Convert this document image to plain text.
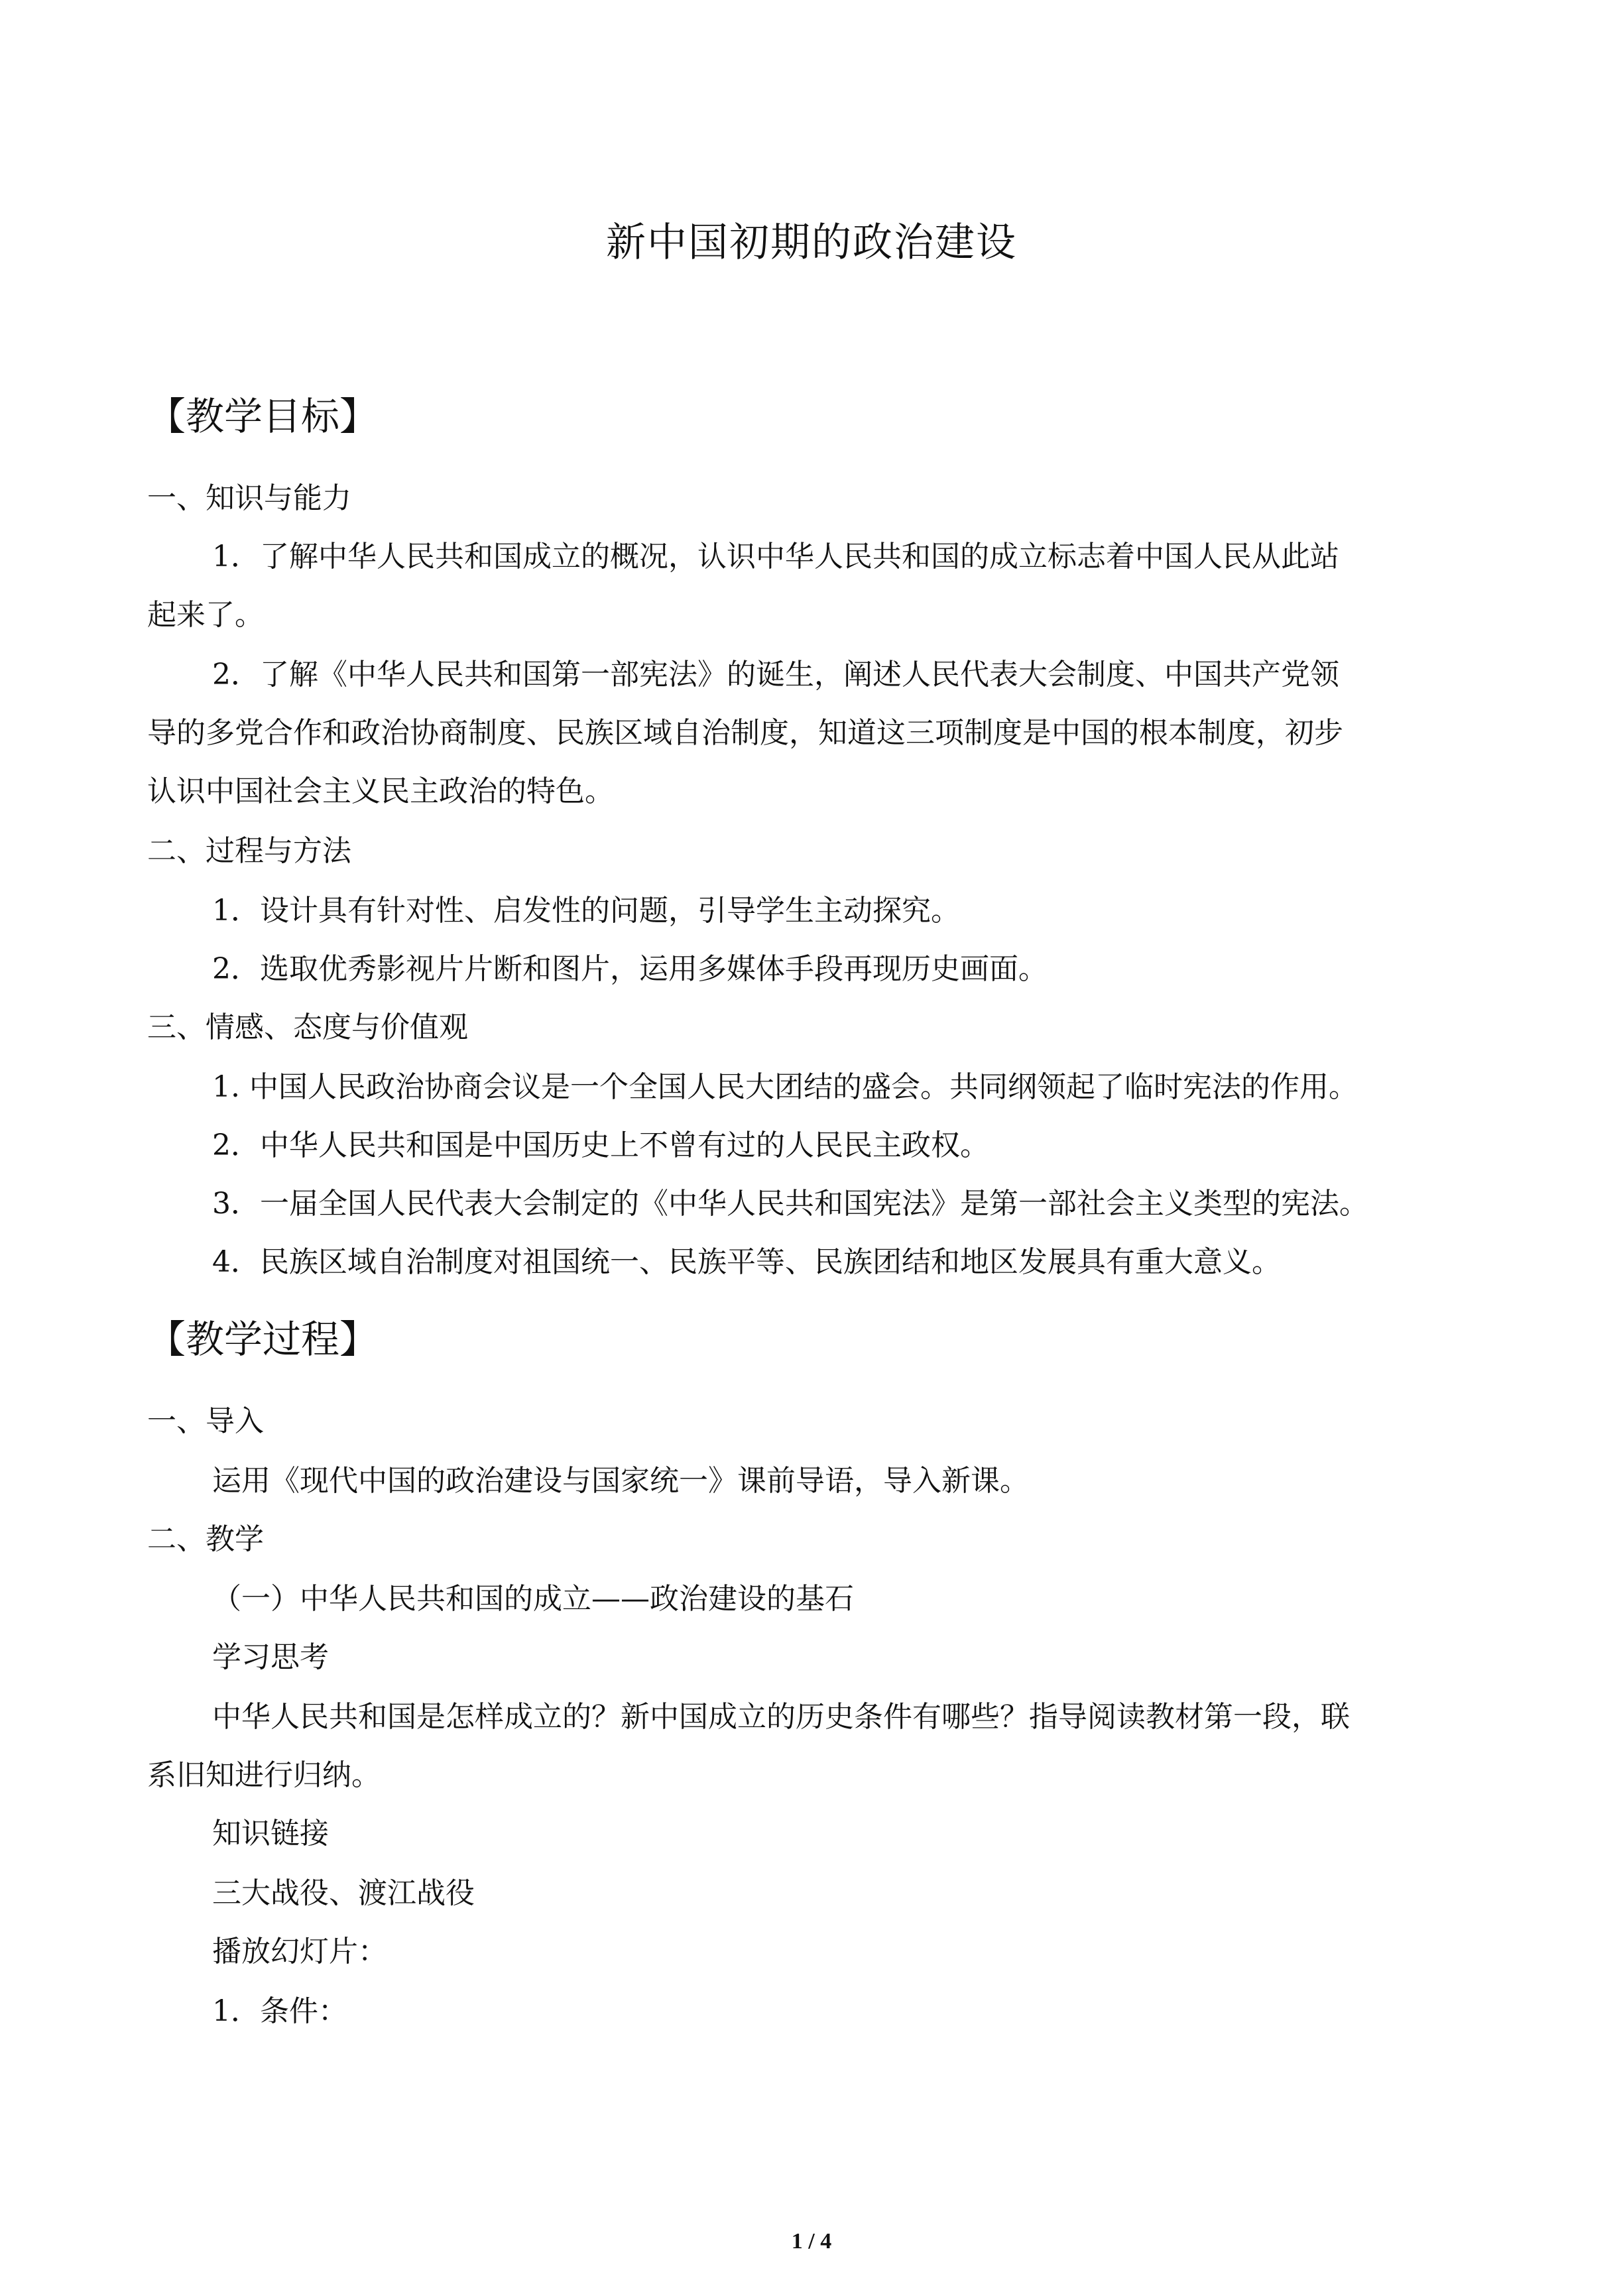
新中国初期的政治建设
【教学目标】
一、知识与能力
1．了解中华人民共和国成立的概况，认识中华人民共和国的成立标志着中国人民从此站
起来了。
2．了解《中华人民共和国第一部宪法》的诞生，阐述人民代表大会制度、中国共产党领
导的多党合作和政治协商制度、民族区域自治制度，知道这三项制度是中国的根本制度，初步
认识中国社会主义民主政治的特色。
二、过程与方法
1．设计具有针对性、启发性的问题，引导学生主动探究。
2．选取优秀影视片片断和图片，运用多媒体手段再现历史画面。
三、情感、态度与价值观
1. 中国人民政治协商会议是一个全国人民大团结的盛会。共同纲领起了临时宪法的作用。
2．中华人民共和国是中国历史上不曾有过的人民民主政权。
3．一届全国人民代表大会制定的《中华人民共和国宪法》是第一部社会主义类型的宪法。
4．民族区域自治制度对祖国统一、民族平等、民族团结和地区发展具有重大意义。
【教学过程】
一、导入
运用《现代中国的政治建设与国家统一》课前导语，导入新课。
二、教学
（一）中华人民共和国的成立——政治建设的基石
学习思考
中华人民共和国是怎样成立的？新中国成立的历史条件有哪些？指导阅读教材第一段，联
系旧知进行归纳。
知识链接
三大战役、渡江战役
播放幻灯片：
1．条件：
1 / 4
